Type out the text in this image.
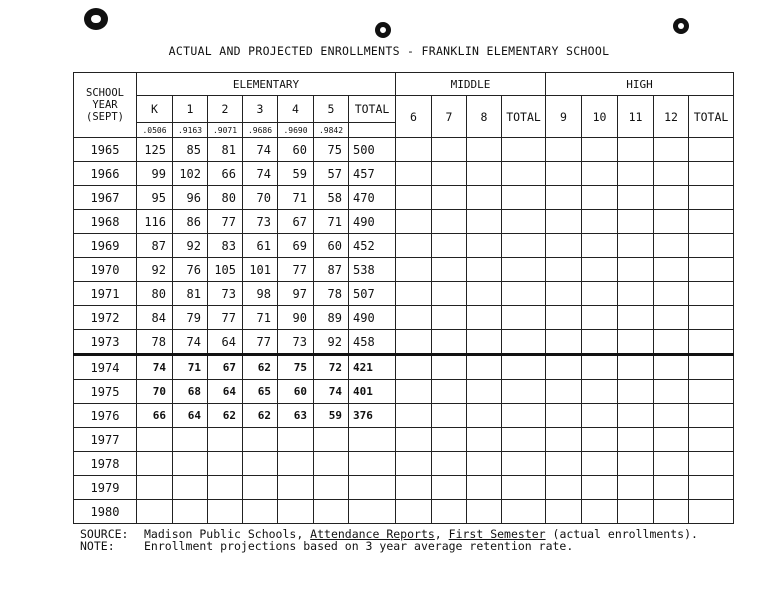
ACTUAL AND PROJECTED ENROLLMENTS - FRANKLIN ELEMENTARY SCHOOL
SCHOOL
YEAR
(SEPT)	ELEMENTARY							MIDDLE				HIGH				
	K	1	2	3	4	5	TOTAL	6	7	8	TOTAL	9	10	11	12	TOTAL
	.0506	.9163	.9071	.9686	.9690	.9842										
1965	125	85	81	74	60	75	500									
1966	99	102	66	74	59	57	457									
1967	95	96	80	70	71	58	470									
1968	116	86	77	73	67	71	490									
1969	87	92	83	61	69	60	452									
1970	92	76	105	101	77	87	538									
1971	80	81	73	98	97	78	507									
1972	84	79	77	71	90	89	490									
1973	78	74	64	77	73	92	458									
1974	74	71	67	62	75	72	421									
1975	70	68	64	65	60	74	401									
1976	66	64	62	62	63	59	376									
1977																
1978																
1979																
1980																
SOURCE: Madison Public Schools, Attendance Reports, First Semester (actual enrollments).
NOTE:	Enrollment projections based on 3 year average retention rate.
